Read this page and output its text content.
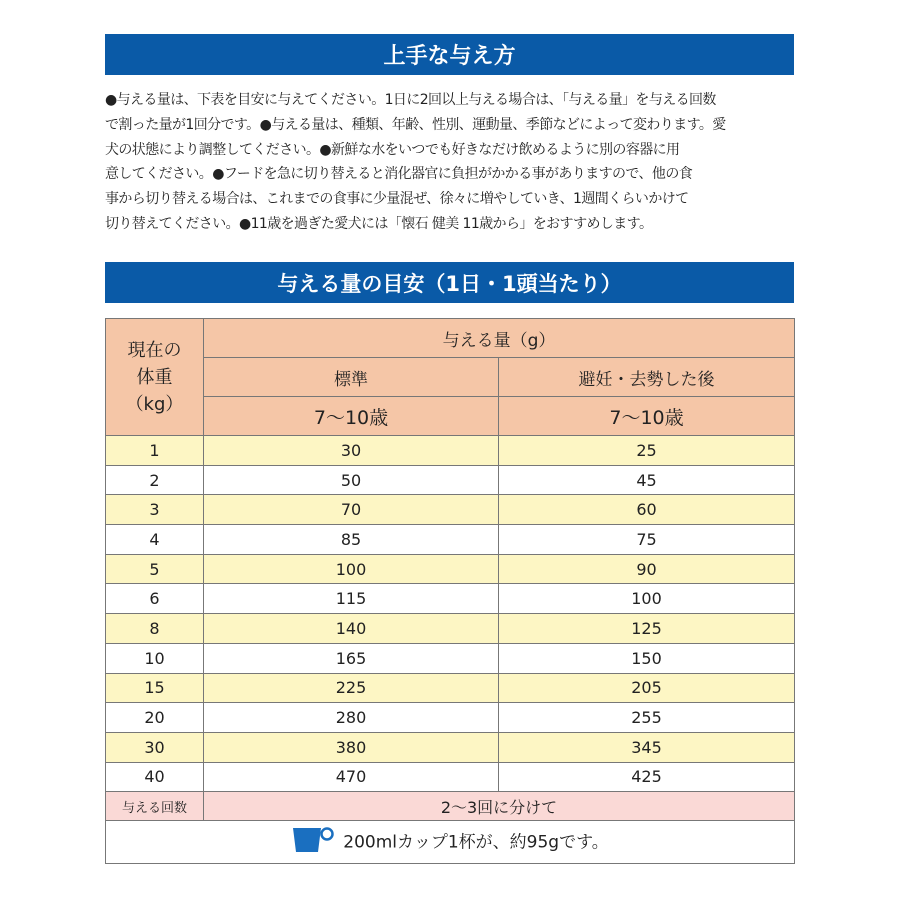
上手な与え方
●与える量は、下表を目安に与えてください。1日に2回以上与える場合は、「与える量」を与える回数
で割った量が1回分です。●与える量は、種類、年齢、性別、運動量、季節などによって変わります。愛
犬の状態により調整してください。●新鮮な水をいつでも好きなだけ飲めるように別の容器に用
意してください。●フードを急に切り替えると消化器官に負担がかかる事がありますので、他の食
事から切り替える場合は、これまでの食事に少量混ぜ、徐々に増やしていき、1週間くらいかけて
切り替えてください。●11歳を過ぎた愛犬には「懐石 健美 11歳から」をおすすめします。
与える量の目安（1日・1頭当たり）
現在の
体重
（kg）	与える量（g）	
	標準	避妊・去勢した後
	7～10歳	7～10歳
1	30	25
2	50	45
3	70	60
4	85	75
5	100	90
6	115	100
8	140	125
10	165	150
15	225	205
20	280	255
30	380	345
40	470	425
与える回数	2～3回に分けて	
200mlカップ1杯が、約95gです。		
